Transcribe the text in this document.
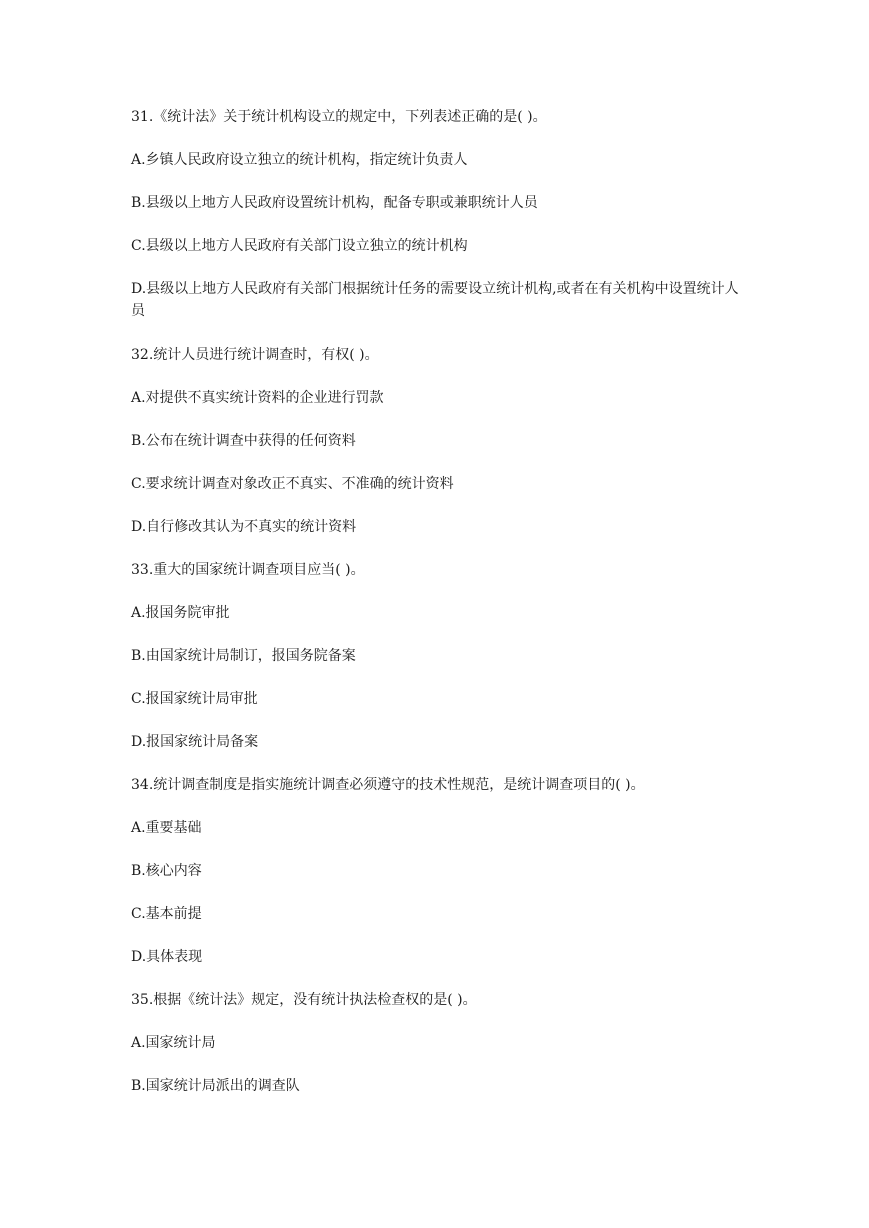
31.《统计法》关于统计机构设立的规定中，下列表述正确的是( )。

A.乡镇人民政府设立独立的统计机构，指定统计负责人

B.县级以上地方人民政府设置统计机构，配备专职或兼职统计人员

C.县级以上地方人民政府有关部门设立独立的统计机构

D.县级以上地方人民政府有关部门根据统计任务的需要设立统计机构,或者在有关机构中设置统计人员

32.统计人员进行统计调查时，有权( )。

A.对提供不真实统计资料的企业进行罚款

B.公布在统计调查中获得的任何资料

C.要求统计调查对象改正不真实、不准确的统计资料

D.自行修改其认为不真实的统计资料

33.重大的国家统计调查项目应当( )。

A.报国务院审批

B.由国家统计局制订，报国务院备案

C.报国家统计局审批

D.报国家统计局备案

34.统计调查制度是指实施统计调查必须遵守的技术性规范，是统计调查项目的( )。

A.重要基础

B.核心内容

C.基本前提

D.具体表现

35.根据《统计法》规定，没有统计执法检查权的是( )。

A.国家统计局

B.国家统计局派出的调查队
